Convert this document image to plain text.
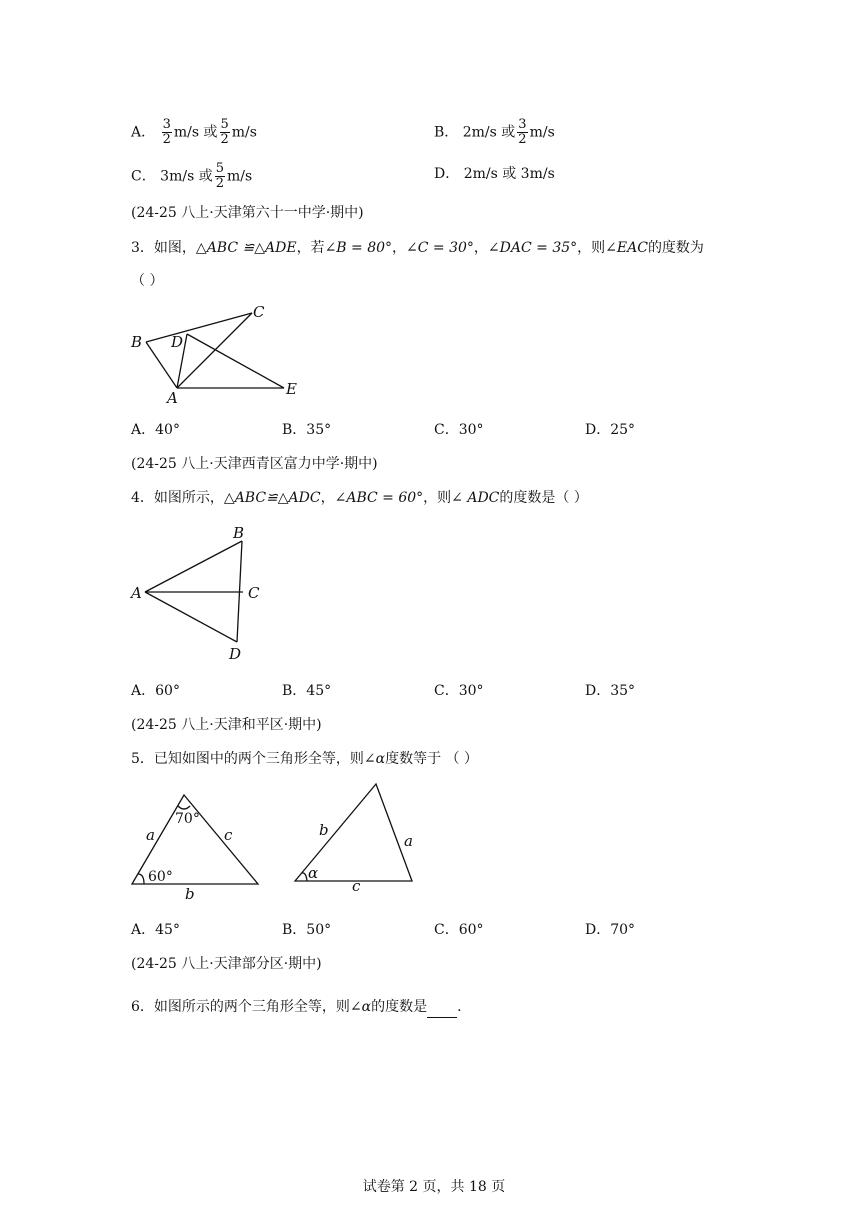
A． $\frac{3}{2} m/s$ 或 $\frac{5}{2} m/s$	B． 2m/s 或 $\frac{3}{2} m/s$
C． 3m/s 或 $\frac{5}{2} m/s$	D． 2m/s 或 3m/s
(24-25 八上·天津第六十一中学·期中)
3．如图，△ABC ≌△ADE，若∠B = 80°，∠C = 30°，∠DAC = 35°，则∠EAC的度数为
（ ）
B
C
D
A	E
A．40°	B．35°	C．30°	D．25°
(24-25 八上·天津西青区富力中学·期中)
4．如图所示，△ABC≌△ADC，∠ABC = 60°，则∠ ADC的度数是（ ）
A
B
C
D
A．60°	B．45°	C．30°	D．35°
(24-25 八上·天津和平区·期中)
5．已知如图中的两个三角形全等，则∠α度数等于 （ ）
70°
60°
a	c
b
α
b
a
c
A．45°	B．50°	C．60°	D．70°
(24-25 八上·天津部分区·期中)
6．如图所示的两个三角形全等，则∠α的度数是 .
试卷第 2 页，共 18 页
